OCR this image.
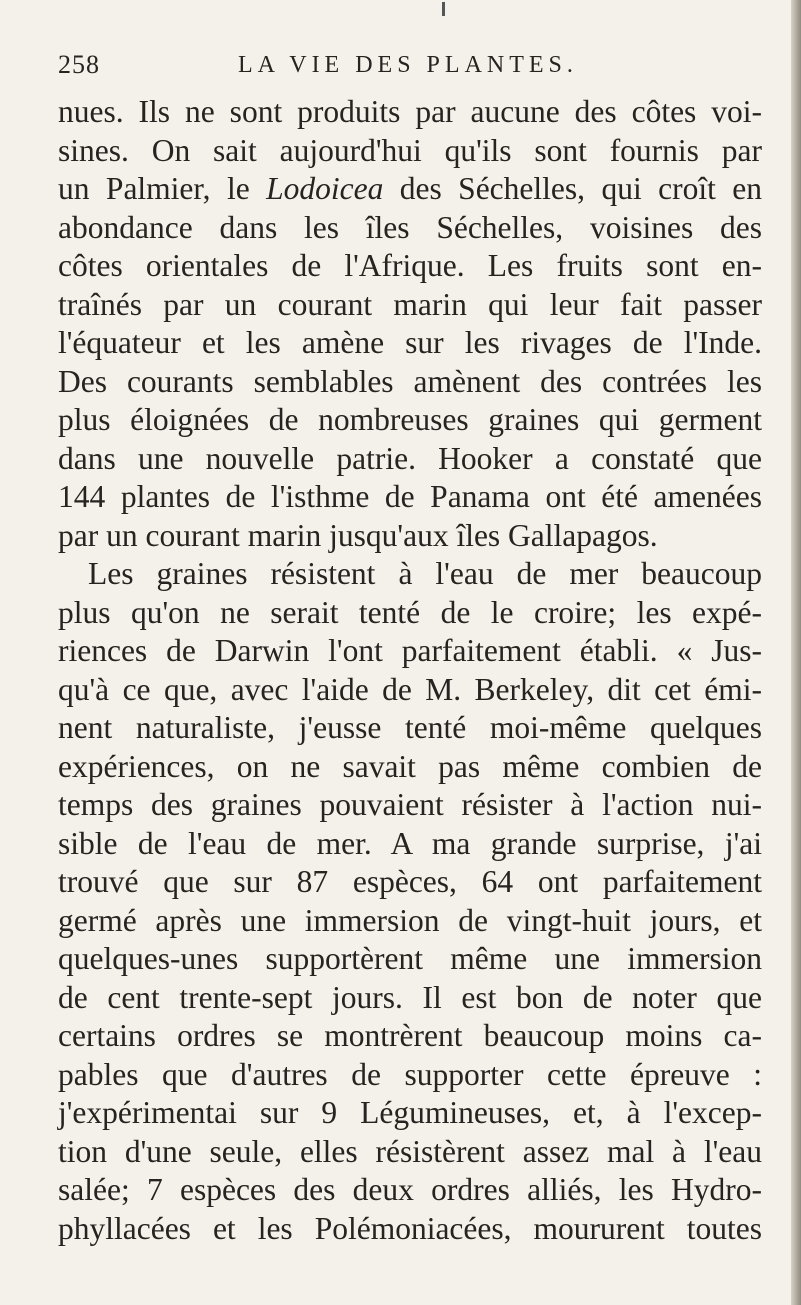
258	LA VIE DES PLANTES.
nues. Ils ne sont produits par aucune des côtes voi-
sines. On sait aujourd'hui qu'ils sont fournis par
un Palmier, le Lodoicea des Séchelles, qui croît en
abondance dans les îles Séchelles, voisines des
côtes orientales de l'Afrique. Les fruits sont en-
traînés par un courant marin qui leur fait passer
l'équateur et les amène sur les rivages de l'Inde.
Des courants semblables amènent des contrées les
plus éloignées de nombreuses graines qui germent
dans une nouvelle patrie. Hooker a constaté que
144 plantes de l'isthme de Panama ont été amenées
par un courant marin jusqu'aux îles Gallapagos.
Les graines résistent à l'eau de mer beaucoup
plus qu'on ne serait tenté de le croire; les expé-
riences de Darwin l'ont parfaitement établi. « Jus-
qu'à ce que, avec l'aide de M. Berkeley, dit cet émi-
nent naturaliste, j'eusse tenté moi-même quelques
expériences, on ne savait pas même combien de
temps des graines pouvaient résister à l'action nui-
sible de l'eau de mer. A ma grande surprise, j'ai
trouvé que sur 87 espèces, 64 ont parfaitement
germé après une immersion de vingt-huit jours, et
quelques-unes supportèrent même une immersion
de cent trente-sept jours. Il est bon de noter que
certains ordres se montrèrent beaucoup moins ca-
pables que d'autres de supporter cette épreuve :
j'expérimentai sur 9 Légumineuses, et, à l'excep-
tion d'une seule, elles résistèrent assez mal à l'eau
salée; 7 espèces des deux ordres alliés, les Hydro-
phyllacées et les Polémoniacées, moururent toutes
